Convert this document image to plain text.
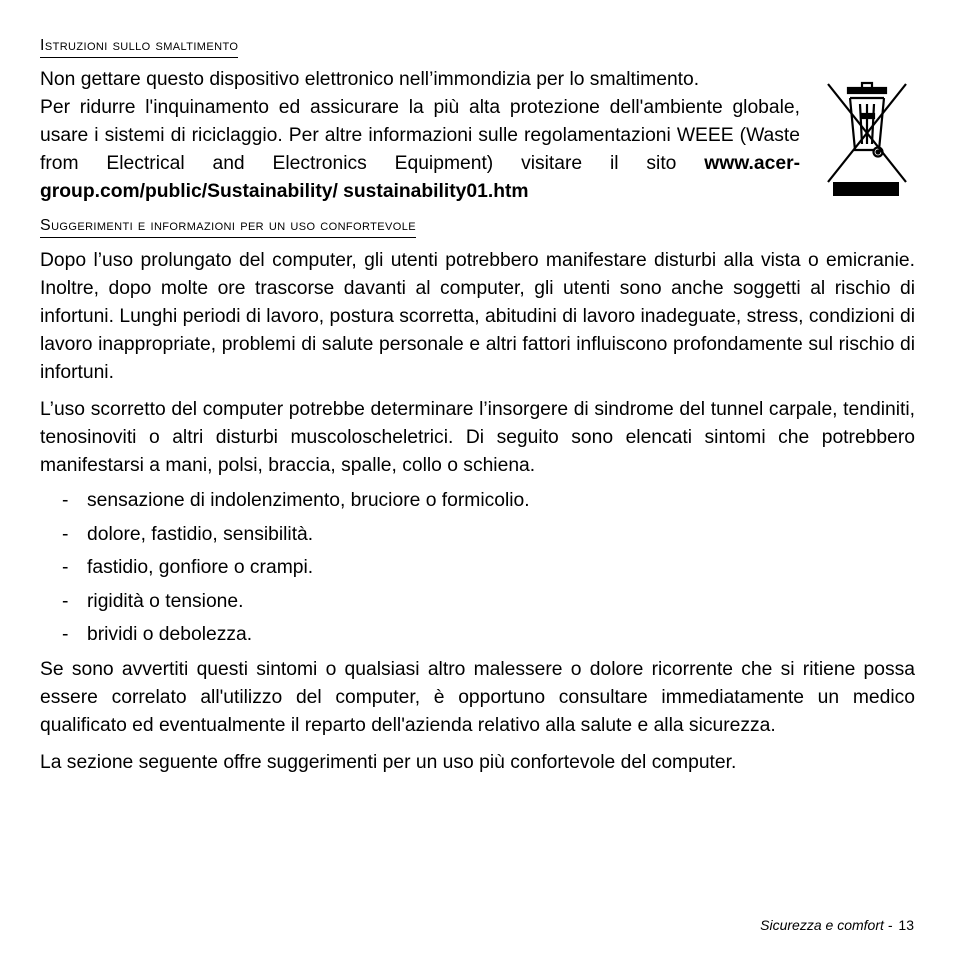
Istruzioni sullo smaltimento

Non gettare questo dispositivo elettronico nell’immondizia per lo smaltimento.
Per ridurre l'inquinamento ed assicurare la più alta protezione dell'ambiente globale, usare i sistemi di riciclaggio. Per altre informazioni sulle regolamentazioni WEEE (Waste from Electrical and Electronics Equipment) visitare il sito www.acer-group.com/public/Sustainability/ sustainability01.htm

Suggerimenti e informazioni per un uso confortevole

Dopo l’uso prolungato del computer, gli utenti potrebbero manifestare disturbi alla vista o emicranie. Inoltre, dopo molte ore trascorse davanti al computer, gli utenti sono anche soggetti al rischio di infortuni. Lunghi periodi di lavoro, postura scorretta, abitudini di lavoro inadeguate, stress, condizioni di lavoro inappropriate, problemi di salute personale e altri fattori influiscono profondamente sul rischio di infortuni.

L’uso scorretto del computer potrebbe determinare l’insorgere di sindrome del tunnel carpale, tendiniti, tenosinoviti o altri disturbi muscoloscheletrici. Di seguito sono elencati sintomi che potrebbero manifestarsi a mani, polsi, braccia, spalle, collo o schiena.

- sensazione di indolenzimento, bruciore o formicolio.
- dolore, fastidio, sensibilità.
- fastidio, gonfiore o crampi.
- rigidità o tensione.
- brividi o debolezza.

Se sono avvertiti questi sintomi o qualsiasi altro malessere o dolore ricorrente che si ritiene possa essere correlato all'utilizzo del computer, è opportuno consultare immediatamente un medico qualificato ed eventualmente il reparto dell'azienda relativo alla salute e alla sicurezza.

La sezione seguente offre suggerimenti per un uso più confortevole del computer.

Sicurezza e comfort - 13
